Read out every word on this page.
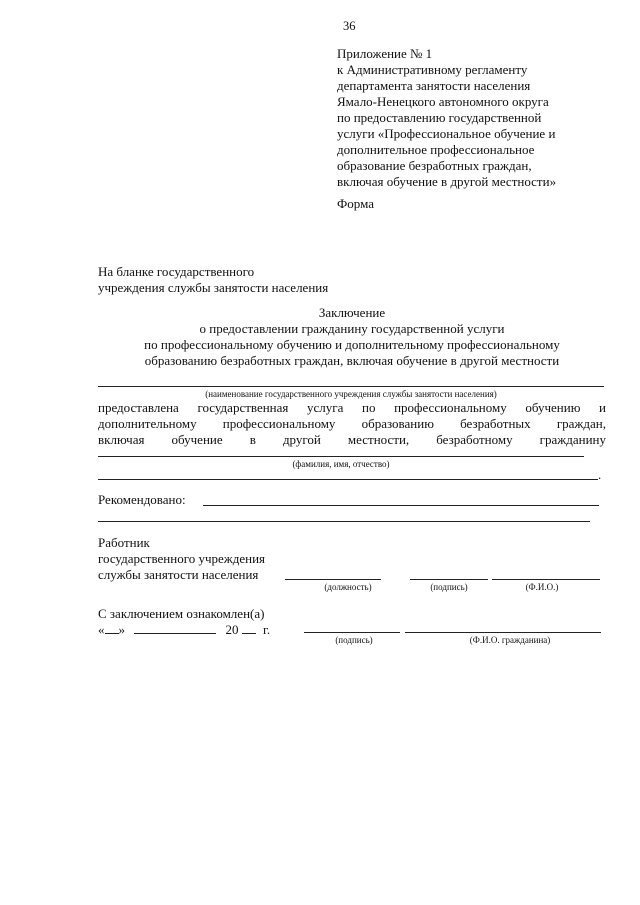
36
Приложение № 1
к Административному регламенту
департамента занятости населения
Ямало-Ненецкого автономного округа
по предоставлению государственной
услуги «Профессиональное обучение и
дополнительное профессиональное
образование безработных граждан,
включая обучение в другой местности»
Форма
На бланке государственного
учреждения службы занятости населения
Заключение
о предоставлении гражданину государственной услуги
по профессиональному обучению и дополнительному профессиональному
образованию безработных граждан, включая обучение в другой местности
(наименование государственного учреждения службы занятости населения)
предоставлена государственная услуга по профессиональному обучению и
дополнительному профессиональному образованию безработных граждан,
включая обучение в другой местности, безработному гражданину
(фамилия, имя, отчество)
.
Рекомендовано:
Работник
государственного учреждения
службы занятости населения
(должность)	(подпись)	(Ф.И.О.)
С заключением ознакомлен(а)
« »	20 г.
(подпись)	(Ф.И.О. гражданина)
